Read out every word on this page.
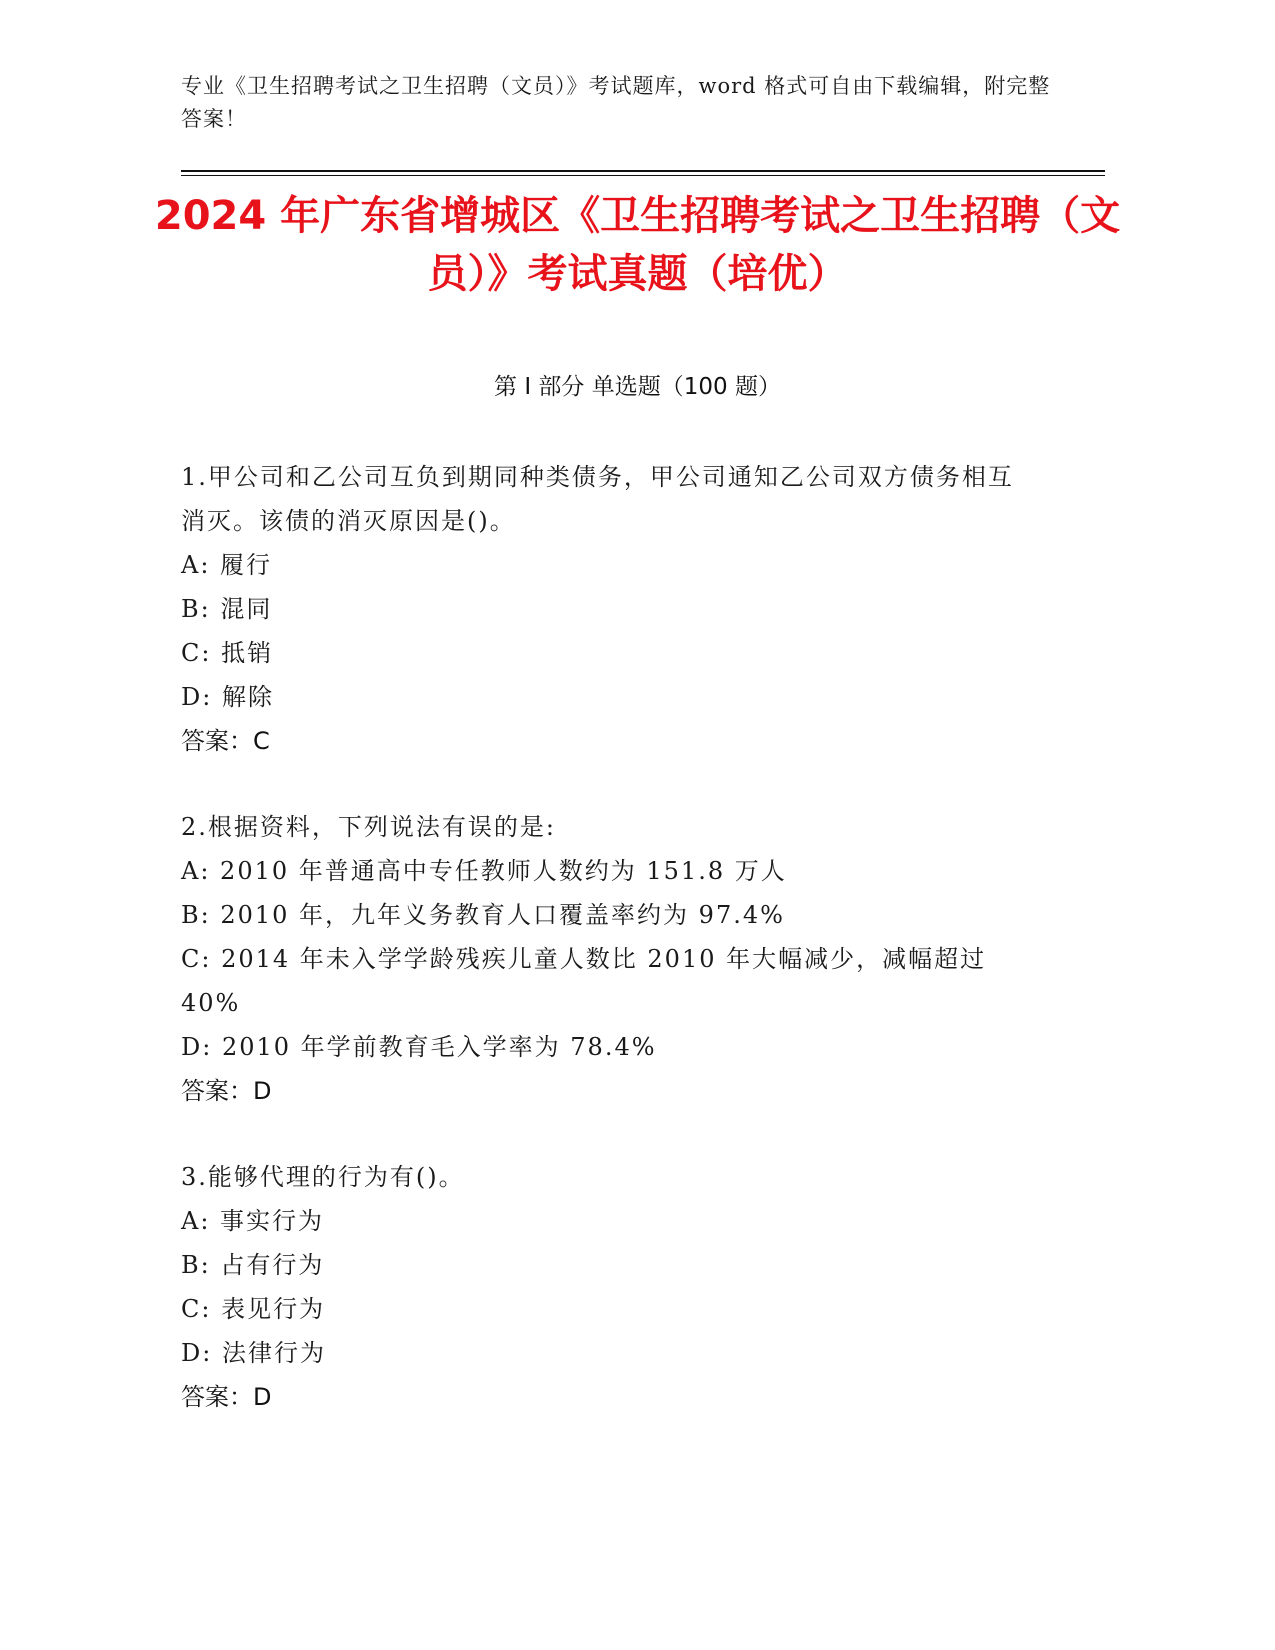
专业《卫生招聘考试之卫生招聘（文员）》考试题库，word 格式可自由下载编辑，附完整答案！
2024 年广东省增城区《卫生招聘考试之卫生招聘（文员）》考试真题（培优）
第 I 部分 单选题（100 题）
1.甲公司和乙公司互负到期同种类债务，甲公司通知乙公司双方债务相互消灭。该债的消灭原因是()。
A: 履行
B: 混同
C: 抵销
D: 解除
答案：C
2.根据资料，下列说法有误的是:
A: 2010 年普通高中专任教师人数约为 151.8 万人
B: 2010 年，九年义务教育人口覆盖率约为 97.4%
C: 2014 年未入学学龄残疾儿童人数比 2010 年大幅减少，减幅超过 40%
D: 2010 年学前教育毛入学率为 78.4%
答案：D
3.能够代理的行为有()。
A: 事实行为
B: 占有行为
C: 表见行为
D: 法律行为
答案：D
